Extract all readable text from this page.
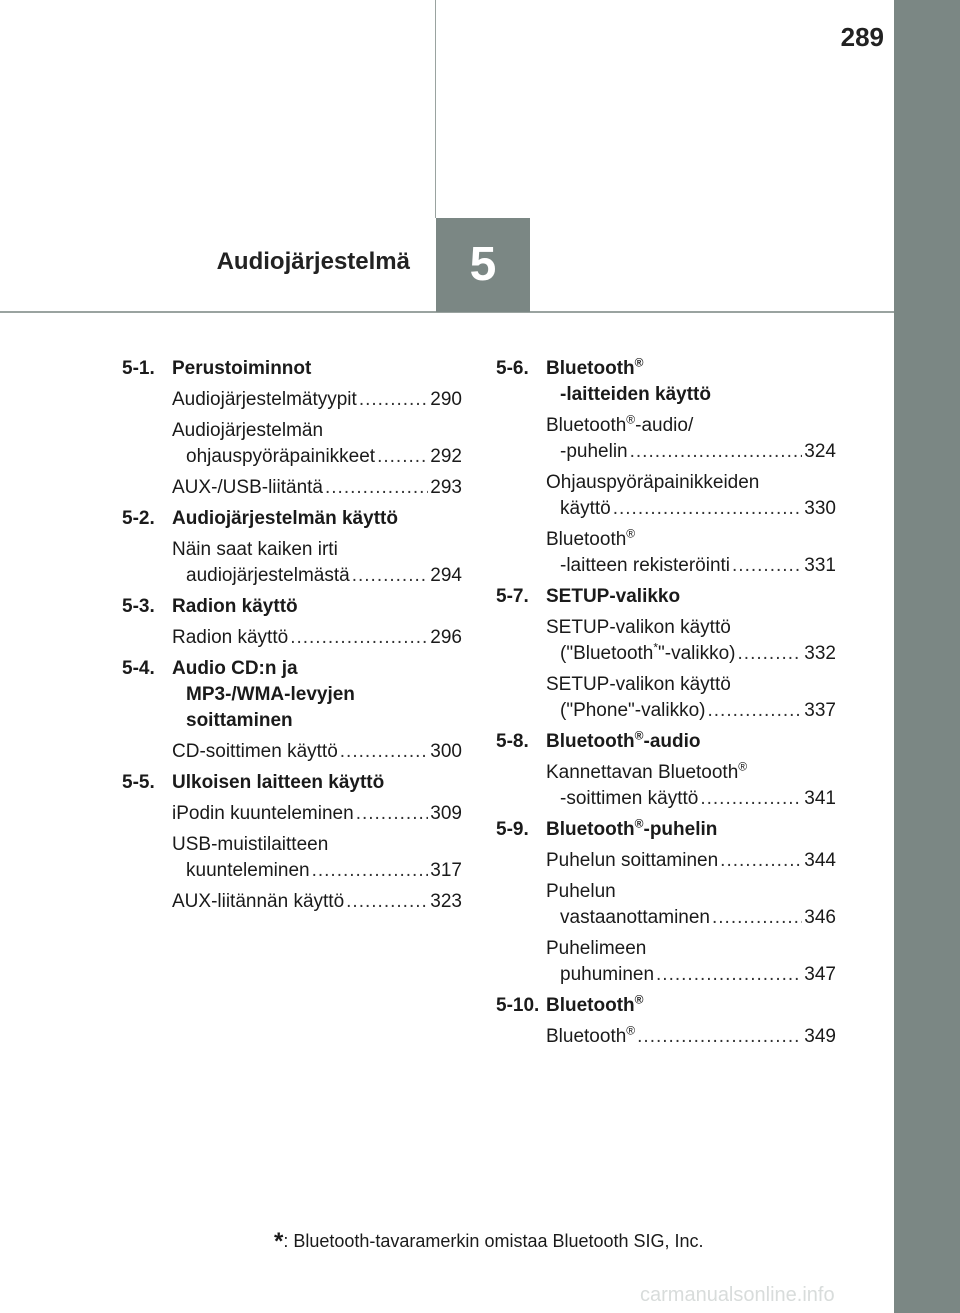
289
5
Audiojärjestelmä
5-1. Perustoiminnot
Audiojärjestelmätyypit .....	290
Audiojärjestelmän
ohjauspyöräpainikkeet .....	292
AUX-/USB-liitäntä .....	293
5-2. Audiojärjestelmän käyttö
Näin saat kaiken irti
audiojärjestelmästä .....	294
5-3. Radion käyttö
Radion käyttö .....	296
5-4. Audio CD:n ja
MP3-/WMA-levyjen
soittaminen
CD-soittimen käyttö .....	300
5-5. Ulkoisen laitteen käyttö
iPodin kuunteleminen .....	309
USB-muistilaitteen
kuunteleminen .....	317
AUX-liitännän käyttö .....	323
5-6. Bluetooth®
-laitteiden käyttö
Bluetooth®-audio/
-puhelin .....	324
Ohjauspyöräpainikkeiden
käyttö .....	330
Bluetooth®
-laitteen rekisteröinti .....	331
5-7. SETUP-valikko
SETUP-valikon käyttö
("Bluetooth*"-valikko) .....	332
SETUP-valikon käyttö
("Phone"-valikko) .....	337
5-8. Bluetooth®-audio
Kannettavan Bluetooth®
-soittimen käyttö .....	341
5-9. Bluetooth®-puhelin
Puhelun soittaminen .....	344
Puhelun
vastaanottaminen .....	346
Puhelimeen
puhuminen .....	347
5-10. Bluetooth®
Bluetooth® .....	349
*: Bluetooth-tavaramerkin omistaa Bluetooth SIG, Inc.
carmanualsonline.info
